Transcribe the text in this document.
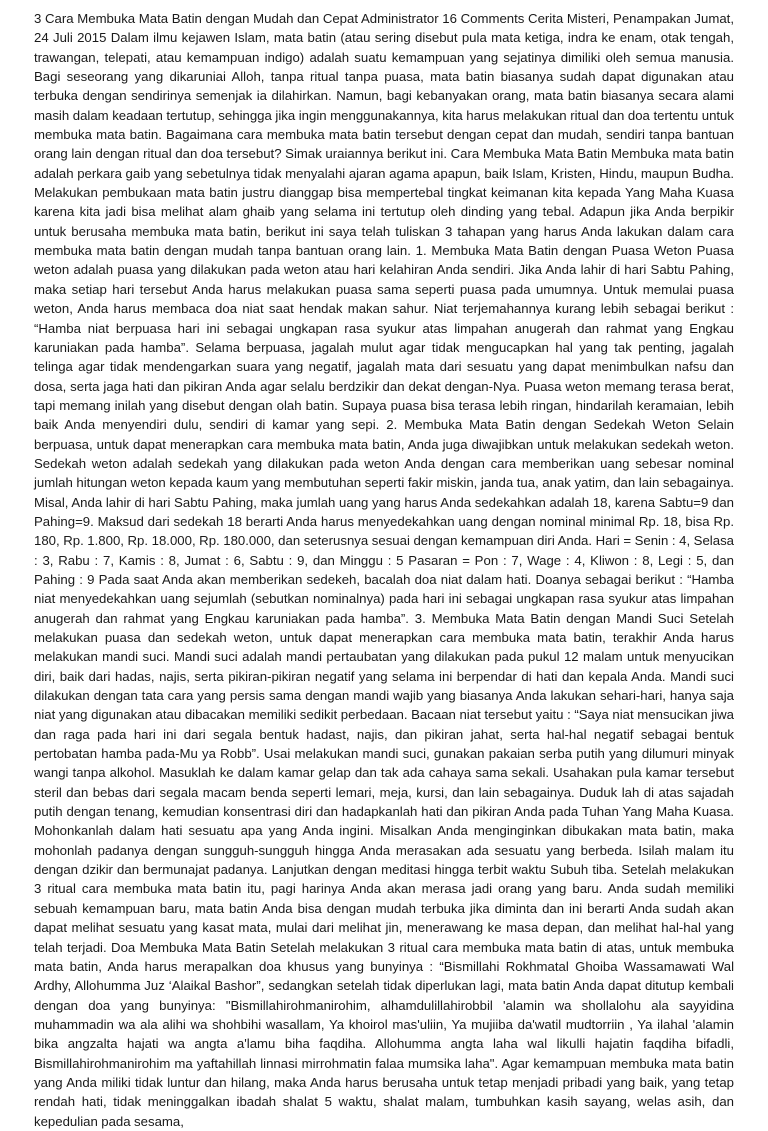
3 Cara Membuka Mata Batin dengan Mudah dan Cepat Administrator 16 Comments Cerita Misteri, Penampakan Jumat, 24 Juli 2015 Dalam ilmu kejawen Islam, mata batin (atau sering disebut pula mata ketiga, indra ke enam, otak tengah, trawangan, telepati, atau kemampuan indigo) adalah suatu kemampuan yang sejatinya dimiliki oleh semua manusia. Bagi seseorang yang dikaruniai Alloh, tanpa ritual tanpa puasa, mata batin biasanya sudah dapat digunakan atau terbuka dengan sendirinya semenjak ia dilahirkan. Namun, bagi kebanyakan orang, mata batin biasanya secara alami masih dalam keadaan tertutup, sehingga jika ingin menggunakannya, kita harus melakukan ritual dan doa tertentu untuk membuka mata batin. Bagaimana cara membuka mata batin tersebut dengan cepat dan mudah, sendiri tanpa bantuan orang lain dengan ritual dan doa tersebut? Simak uraiannya berikut ini. Cara Membuka Mata Batin Membuka mata batin adalah perkara gaib yang sebetulnya tidak menyalahi ajaran agama apapun, baik Islam, Kristen, Hindu, maupun Budha. Melakukan pembukaan mata batin justru dianggap bisa mempertebal tingkat keimanan kita kepada Yang Maha Kuasa karena kita jadi bisa melihat alam ghaib yang selama ini tertutup oleh dinding yang tebal. Adapun jika Anda berpikir untuk berusaha membuka mata batin, berikut ini saya telah tuliskan 3 tahapan yang harus Anda lakukan dalam cara membuka mata batin dengan mudah tanpa bantuan orang lain. 1. Membuka Mata Batin dengan Puasa Weton Puasa weton adalah puasa yang dilakukan pada weton atau hari kelahiran Anda sendiri. Jika Anda lahir di hari Sabtu Pahing, maka setiap hari tersebut Anda harus melakukan puasa sama seperti puasa pada umumnya. Untuk memulai puasa weton, Anda harus membaca doa niat saat hendak makan sahur. Niat terjemahannya kurang lebih sebagai berikut : “Hamba niat berpuasa hari ini sebagai ungkapan rasa syukur atas limpahan anugerah dan rahmat yang Engkau karuniakan pada hamba”. Selama berpuasa, jagalah mulut agar tidak mengucapkan hal yang tak penting, jagalah telinga agar tidak mendengarkan suara yang negatif, jagalah mata dari sesuatu yang dapat menimbulkan nafsu dan dosa, serta jaga hati dan pikiran Anda agar selalu berdzikir dan dekat dengan-Nya. Puasa weton memang terasa berat, tapi memang inilah yang disebut dengan olah batin. Supaya puasa bisa terasa lebih ringan, hindarilah keramaian, lebih baik Anda menyendiri dulu, sendiri di kamar yang sepi. 2. Membuka Mata Batin dengan Sedekah Weton Selain berpuasa, untuk dapat menerapkan cara membuka mata batin, Anda juga diwajibkan untuk melakukan sedekah weton. Sedekah weton adalah sedekah yang dilakukan pada weton Anda dengan cara memberikan uang sebesar nominal jumlah hitungan weton kepada kaum yang membutuhan seperti fakir miskin, janda tua, anak yatim, dan lain sebagainya. Misal, Anda lahir di hari Sabtu Pahing, maka jumlah uang yang harus Anda sedekahkan adalah 18, karena Sabtu=9 dan Pahing=9. Maksud dari sedekah 18 berarti Anda harus menyedekahkan uang dengan nominal minimal Rp. 18, bisa Rp. 180, Rp. 1.800, Rp. 18.000, Rp. 180.000, dan seterusnya sesuai dengan kemampuan diri Anda. Hari = Senin : 4, Selasa : 3, Rabu : 7, Kamis : 8, Jumat : 6, Sabtu : 9, dan Minggu : 5 Pasaran = Pon : 7, Wage : 4, Kliwon : 8, Legi : 5, dan Pahing : 9 Pada saat Anda akan memberikan sedekeh, bacalah doa niat dalam hati. Doanya sebagai berikut : “Hamba niat menyedekahkan uang sejumlah (sebutkan nominalnya) pada hari ini sebagai ungkapan rasa syukur atas limpahan anugerah dan rahmat yang Engkau karuniakan pada hamba”. 3. Membuka Mata Batin dengan Mandi Suci Setelah melakukan puasa dan sedekah weton, untuk dapat menerapkan cara membuka mata batin, terakhir Anda harus melakukan mandi suci. Mandi suci adalah mandi pertaubatan yang dilakukan pada pukul 12 malam untuk menyucikan diri, baik dari hadas, najis, serta pikiran-pikiran negatif yang selama ini berpendar di hati dan kepala Anda. Mandi suci dilakukan dengan tata cara yang persis sama dengan mandi wajib yang biasanya Anda lakukan sehari-hari, hanya saja niat yang digunakan atau dibacakan memiliki sedikit perbedaan. Bacaan niat tersebut yaitu : “Saya niat mensucikan jiwa dan raga pada hari ini dari segala bentuk hadast, najis, dan pikiran jahat, serta hal-hal negatif sebagai bentuk pertobatan hamba pada-Mu ya Robb”. Usai melakukan mandi suci, gunakan pakaian serba putih yang dilumuri minyak wangi tanpa alkohol. Masuklah ke dalam kamar gelap dan tak ada cahaya sama sekali. Usahakan pula kamar tersebut steril dan bebas dari segala macam benda seperti lemari, meja, kursi, dan lain sebagainya. Duduk lah di atas sajadah putih dengan tenang, kemudian konsentrasi diri dan hadapkanlah hati dan pikiran Anda pada Tuhan Yang Maha Kuasa. Mohonkanlah dalam hati sesuatu apa yang Anda ingini. Misalkan Anda menginginkan dibukakan mata batin, maka mohonlah padanya dengan sungguh-sungguh hingga Anda merasakan ada sesuatu yang berbeda. Isilah malam itu dengan dzikir dan bermunajat padanya. Lanjutkan dengan meditasi hingga terbit waktu Subuh tiba. Setelah melakukan 3 ritual cara membuka mata batin itu, pagi harinya Anda akan merasa jadi orang yang baru. Anda sudah memiliki sebuah kemampuan baru, mata batin Anda bisa dengan mudah terbuka jika diminta dan ini berarti Anda sudah akan dapat melihat sesuatu yang kasat mata, mulai dari melihat jin, menerawang ke masa depan, dan melihat hal-hal yang telah terjadi. Doa Membuka Mata Batin Setelah melakukan 3 ritual cara membuka mata batin di atas, untuk membuka mata batin, Anda harus merapalkan doa khusus yang bunyinya : “Bismillahi Rokhmatal Ghoiba Wassamawati Wal Ardhy, Allohumma Juz ‘Alaikal Bashor”, sedangkan setelah tidak diperlukan lagi, mata batin Anda dapat ditutup kembali dengan doa yang bunyinya: "Bismillahirohmanirohim, alhamdulillahirobbil 'alamin wa shollalohu ala sayyidina muhammadin wa ala alihi wa shohbihi wasallam, Ya khoirol mas'uliin, Ya mujiiba da'watil mudtorriin , Ya ilahal 'alamin bika angzalta hajati wa angta a'lamu biha faqdiha. Allohumma angta laha wal likulli hajatin faqdiha bifadli, Bismillahirohmanirohim ma yaftahillah linnasi mirrohmatin falaa mumsika laha". Agar kemampuan membuka mata batin yang Anda miliki tidak luntur dan hilang, maka Anda harus berusaha untuk tetap menjadi pribadi yang baik, yang tetap rendah hati, tidak meninggalkan ibadah shalat 5 waktu, shalat malam, tumbuhkan kasih sayang, welas asih, dan kepedulian pada sesama,
